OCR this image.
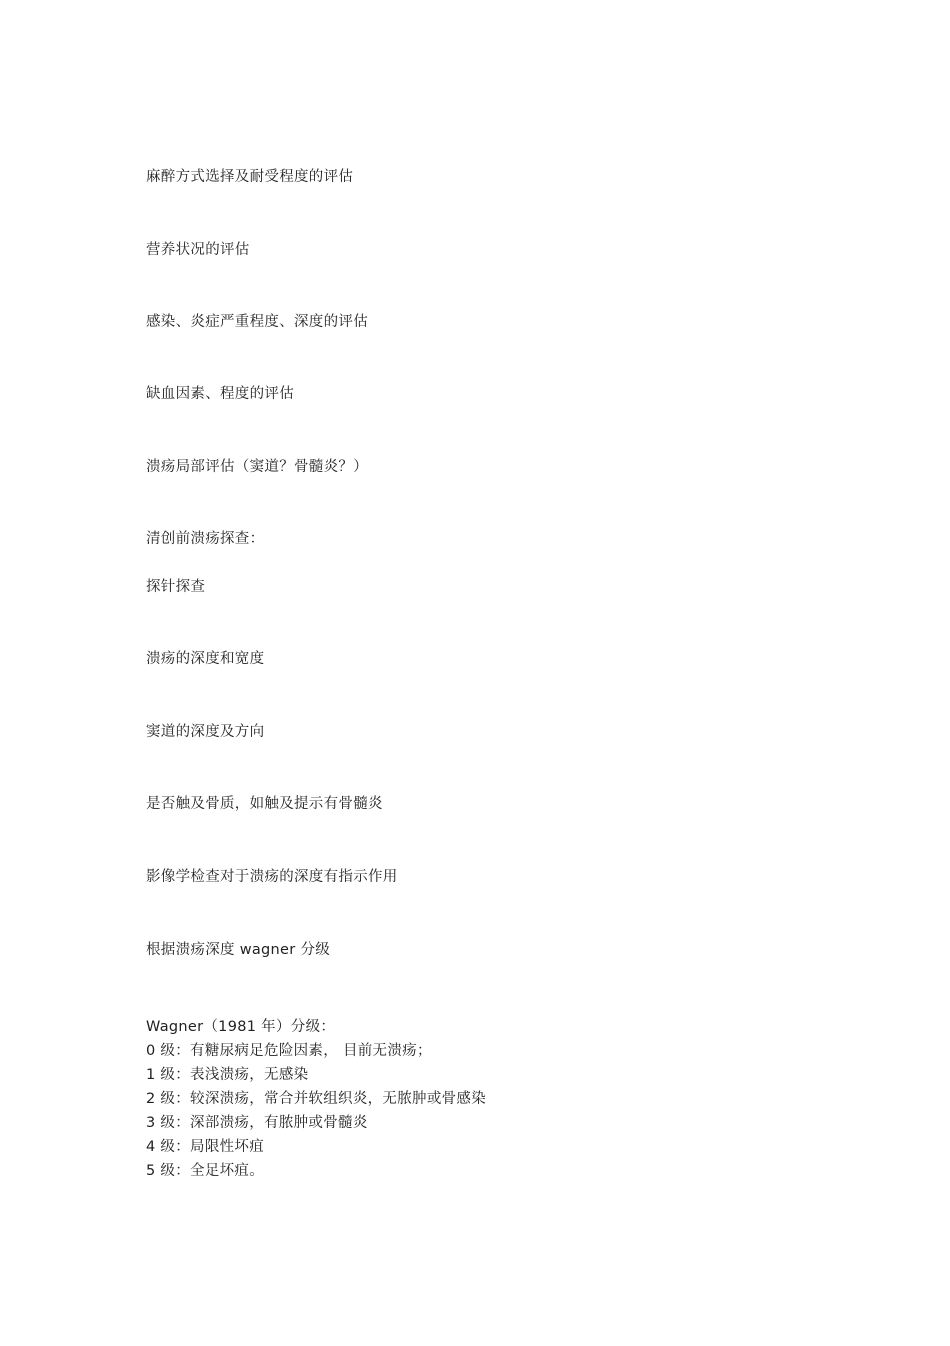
麻醉方式选择及耐受程度的评估
营养状况的评估
感染、炎症严重程度、深度的评估
缺血因素、程度的评估
溃疡局部评估（窦道？骨髓炎？）
清创前溃疡探查：
探针探查
溃疡的深度和宽度
窦道的深度及方向
是否触及骨质，如触及提示有骨髓炎
影像学检查对于溃疡的深度有指示作用
根据溃疡深度 wagner 分级
Wagner（1981 年）分级：
0 级：有糖尿病足危险因素， 目前无溃疡；
1 级：表浅溃疡，无感染
2 级：较深溃疡，常合并软组织炎，无脓肿或骨感染
3 级：深部溃疡，有脓肿或骨髓炎
4 级：局限性坏疽
5 级：全足坏疽。
